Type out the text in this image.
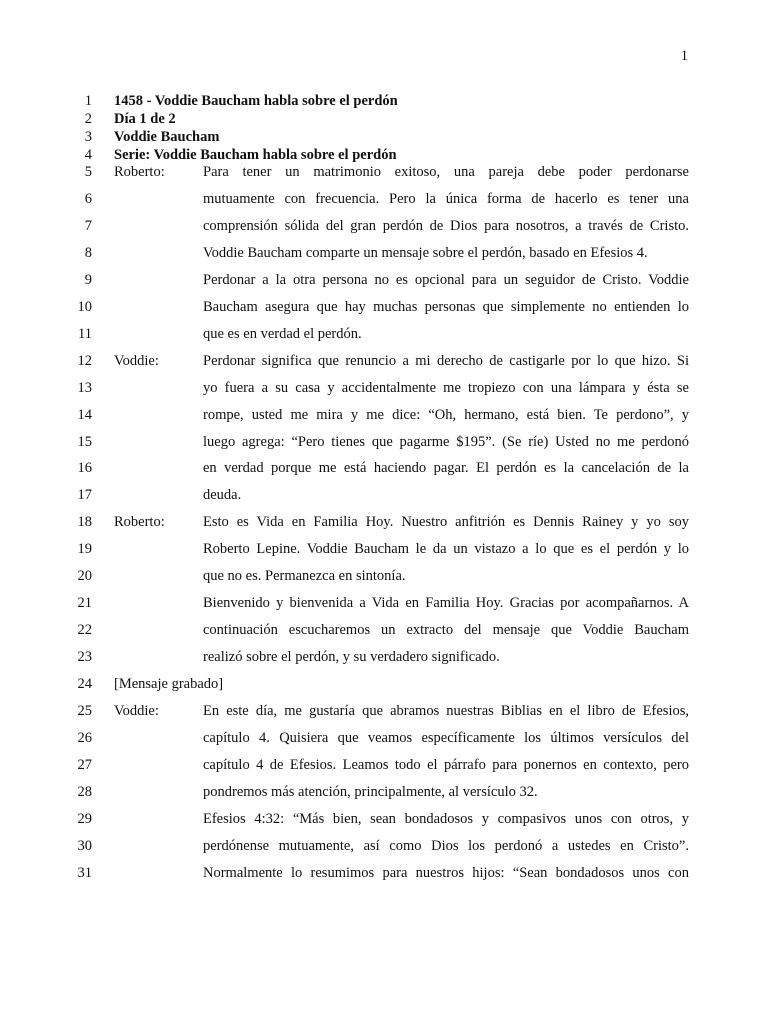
1
1 1458 - Voddie Baucham habla sobre el perdón
2 Día 1 de 2
3 Voddie Baucham
4 Serie: Voddie Baucham habla sobre el perdón
5 Roberto:	Para tener un matrimonio exitoso, una pareja debe poder perdonarse
6	mutuamente con frecuencia. Pero la única forma de hacerlo es tener una
7	comprensión sólida del gran perdón de Dios para nosotros, a través de Cristo.
8	Voddie Baucham comparte un mensaje sobre el perdón, basado en Efesios 4.
9	Perdonar a la otra persona no es opcional para un seguidor de Cristo. Voddie
10	Baucham asegura que hay muchas personas que simplemente no entienden lo
11	que es en verdad el perdón.
12 Voddie:	Perdonar significa que renuncio a mi derecho de castigarle por lo que hizo. Si
13	yo fuera a su casa y accidentalmente me tropiezo con una lámpara y ésta se
14	rompe, usted me mira y me dice: “Oh, hermano, está bien. Te perdono”, y
15	luego agrega: “Pero tienes que pagarme $195”. (Se ríe) Usted no me perdonó
16	en verdad porque me está haciendo pagar. El perdón es la cancelación de la
17	deuda.
18 Roberto:	Esto es Vida en Familia Hoy. Nuestro anfitrión es Dennis Rainey y yo soy
19	Roberto Lepine. Voddie Baucham le da un vistazo a lo que es el perdón y lo
20	que no es. Permanezca en sintonía.
21	Bienvenido y bienvenida a Vida en Familia Hoy. Gracias por acompañarnos. A
22	continuación escucharemos un extracto del mensaje que Voddie Baucham
23	realizó sobre el perdón, y su verdadero significado.
24 [Mensaje grabado]
25 Voddie:	En este día, me gustaría que abramos nuestras Biblias en el libro de Efesios,
26	capítulo 4. Quisiera que veamos específicamente los últimos versículos del
27	capítulo 4 de Efesios. Leamos todo el párrafo para ponernos en contexto, pero
28	pondremos más atención, principalmente, al versículo 32.
29	Efesios 4:32: “Más bien, sean bondadosos y compasivos unos con otros, y
30	perdónense mutuamente, así como Dios los perdonó a ustedes en Cristo”.
31	Normalmente lo resumimos para nuestros hijos: “Sean bondadosos unos con
